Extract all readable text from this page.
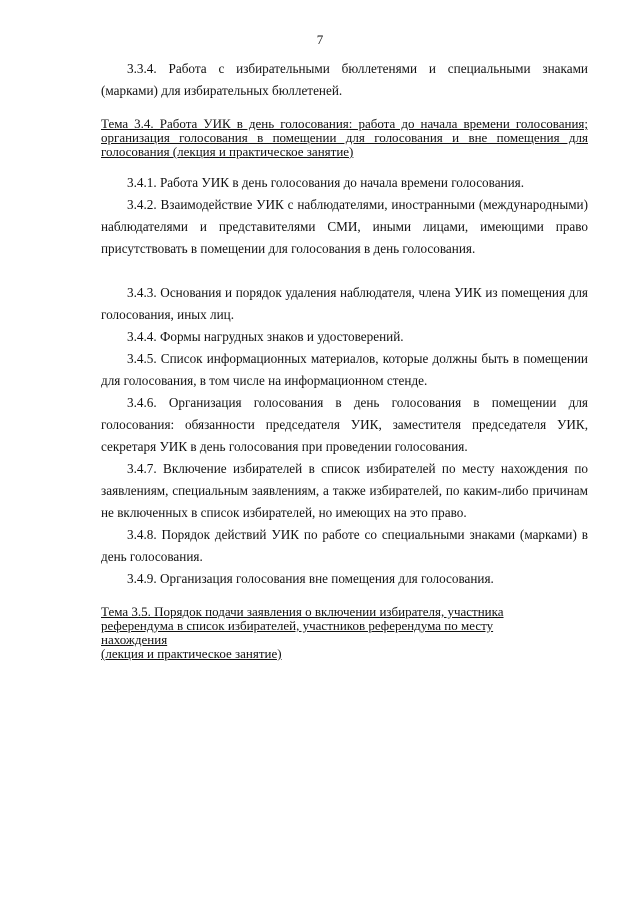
7

3.3.4. Работа с избирательными бюллетенями и специальными знаками (марками) для избирательных бюллетеней.

Тема 3.4. Работа УИК в день голосования: работа до начала времени голосования; организация голосования в помещении для голосования и вне помещения для голосования (лекция и практическое занятие)

3.4.1. Работа УИК в день голосования до начала времени голосования.

3.4.2. Взаимодействие УИК с наблюдателями, иностранными (международными) наблюдателями и представителями СМИ, иными лицами, имеющими право присутствовать в помещении для голосования в день голосования.

3.4.3. Основания и порядок удаления наблюдателя, члена УИК из помещения для голосования, иных лиц.

3.4.4. Формы нагрудных знаков и удостоверений.

3.4.5. Список информационных материалов, которые должны быть в помещении для голосования, в том числе на информационном стенде.

3.4.6. Организация голосования в день голосования в помещении для голосования: обязанности председателя УИК, заместителя председателя УИК, секретаря УИК в день голосования при проведении голосования.

3.4.7. Включение избирателей в список избирателей по месту нахождения по заявлениям, специальным заявлениям, а также избирателей, по каким-либо причинам не включенных в список избирателей, но имеющих на это право.

3.4.8. Порядок действий УИК по работе со специальными знаками (марками) в день голосования.

3.4.9. Организация голосования вне помещения для голосования.

Тема 3.5. Порядок подачи заявления о включении избирателя, участника
референдума в список избирателей, участников референдума по месту
нахождения
(лекция и практическое занятие)
